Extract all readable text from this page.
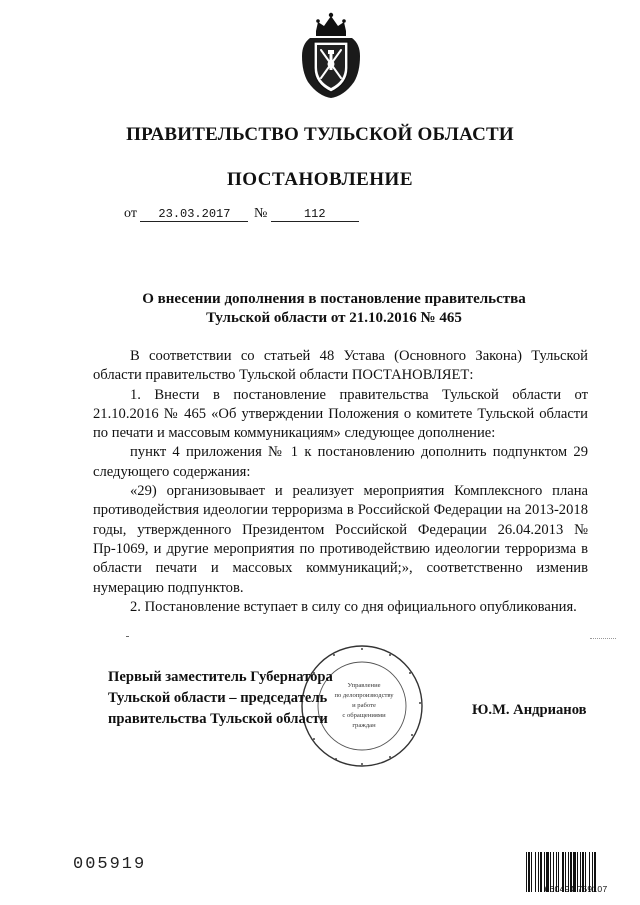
ПРАВИТЕЛЬСТВО ТУЛЬСКОЙ ОБЛАСТИ
ПОСТАНОВЛЕНИЕ
от 23.03.2017 №	112
О внесении дополнения в постановление правительства
Тульской области от 21.10.2016 № 465

В соответствии со статьей 48 Устава (Основного Закона) Тульской области правительство Тульской области ПОСТАНОВЛЯЕТ:

1. Внести в постановление правительства Тульской области от 21.10.2016 № 465 «Об утверждении Положения о комитете Тульской области по печати и массовым коммуникациям» следующее дополнение:

пункт 4 приложения № 1 к постановлению дополнить подпунктом 29 следующего содержания:

«29) организовывает и реализует мероприятия Комплексного плана противодействия идеологии терроризма в Российской Федерации на 2013-2018 годы, утвержденного Президентом Российской Федерации 26.04.2013 № Пр-1069, и другие мероприятия по противодействию идеологии терроризма в области печати и массовых коммуникаций;», соответственно изменив нумерацию подпунктов.

2. Постановление вступает в силу со дня официального опубликования.

Управление
по делопроизводству
и работе
с обращениями
граждан
Первый заместитель Губернатора
Тульской области – председатель
правительства Тульской области
Ю.М. Андрианов
005919
660494 759107
